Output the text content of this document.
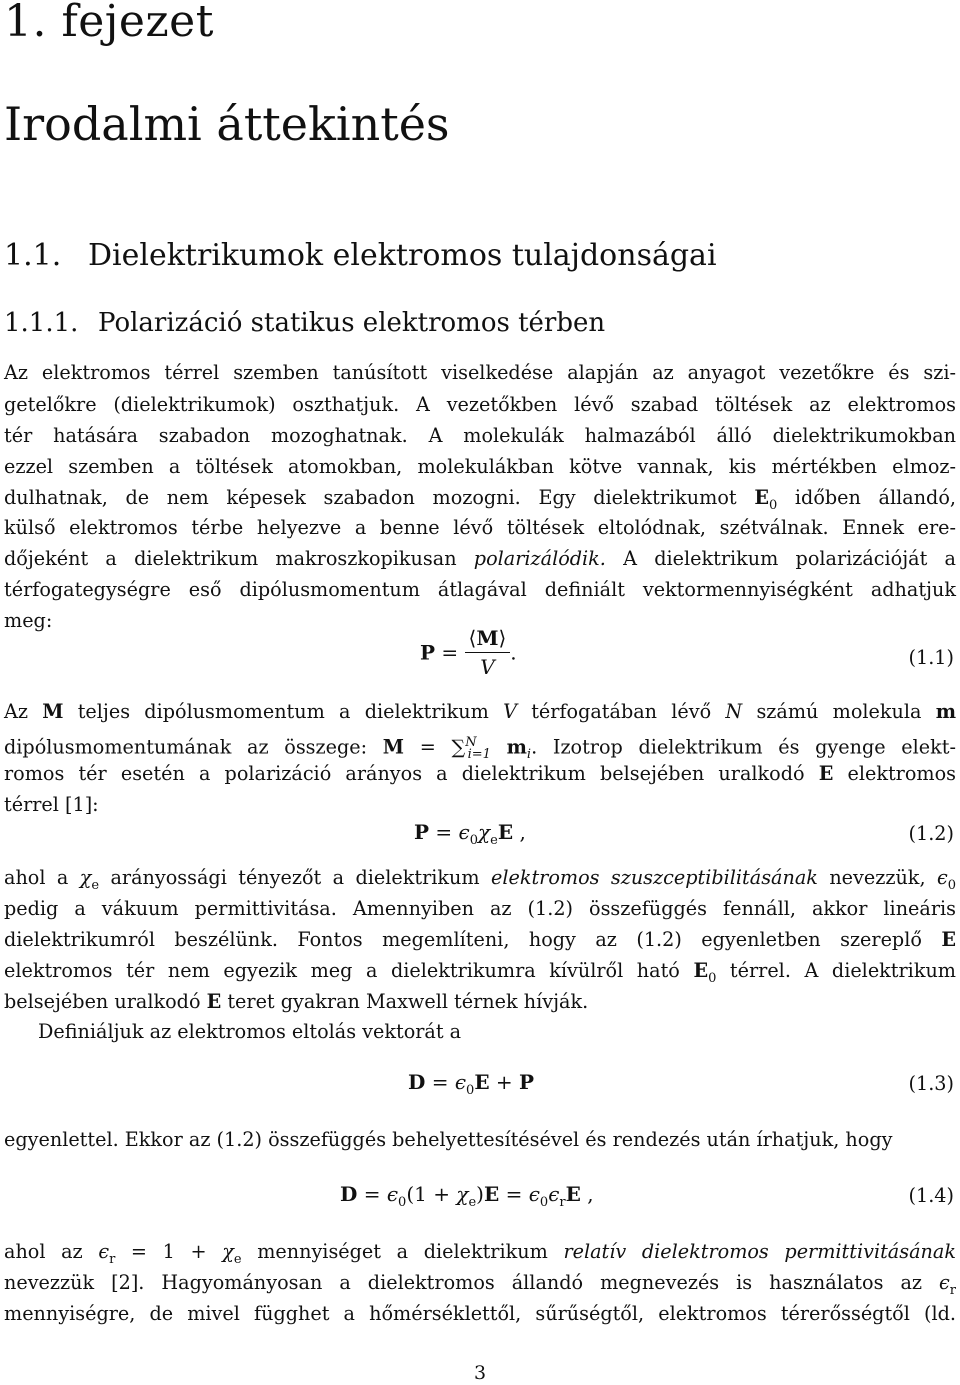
1. fejezet
Irodalmi áttekintés
1.1. Dielektrikumok elektromos tulajdonságai
1.1.1. Polarizáció statikus elektromos térben

Az elektromos térrel szemben tanúsított viselkedése alapján az anyagot vezetőkre és szi-

getelőkre (dielektrikumok) oszthatjuk. A vezetőkben lévő szabad töltések az elektromos

tér hatására szabadon mozoghatnak. A molekulák halmazából álló dielektrikumokban

ezzel szemben a töltések atomokban, molekulákban kötve vannak, kis mértékben elmoz-

dulhatnak, de nem képesek szabadon mozogni. Egy dielektrikumot $E_0$ időben állandó,

külső elektromos térbe helyezve a benne lévő töltések eltolódnak, szétválnak. Ennek ere-

dőjeként a dielektrikum makroszkopikusan polarizálódik. A dielektrikum polarizációját a

térfogategységre eső dipólusmomentum átlagával definiált vektormennyiségként adhatjuk

meg:

$P = \frac{⟨M⟩}{V}$ .	(1.1)

Az M teljes dipólusmomentum a dielektrikum V térfogatában lévő N számú molekula m

dipólusmomentumának az összege: M = ∑$^N_{i=1}$ $m_i$. Izotrop dielektrikum és gyenge elekt-

romos tér esetén a polarizáció arányos a dielektrikum belsejében uralkodó E elektromos

térrel [1]:

$P = \epsilon_0\chi_eE$ ,	(1.2)

ahol a $\chi_e$ arányossági tényezőt a dielektrikum elektromos szuszceptibilitásának nevezzük, $\epsilon_0$

pedig a vákuum permittivitása. Amennyiben az (1.2) összefüggés fennáll, akkor lineáris

dielektrikumról beszélünk. Fontos megemlíteni, hogy az (1.2) egyenletben szereplő E

elektromos tér nem egyezik meg a dielektrikumra kívülről ható $E_0$ térrel. A dielektrikum

belsejében uralkodó E teret gyakran Maxwell térnek hívják.

Definiáljuk az elektromos eltolás vektorát a

$D = \epsilon_0E + P$	(1.3)

egyenlettel. Ekkor az (1.2) összefüggés behelyettesítésével és rendezés után írhatjuk, hogy

$D = \epsilon_0(1 + \chi_e)E = \epsilon_0\epsilon_rE$ ,	(1.4)

ahol az $\epsilon_r = 1 + \chi_e$ mennyiséget a dielektrikum relatív dielektromos permittivitásának

nevezzük [2]. Hagyományosan a dielektromos állandó megnevezés is használatos az $\epsilon_r$

mennyiségre, de mivel függhet a hőmérséklettől, sűrűségtől, elektromos térerősségtől (ld.

3
